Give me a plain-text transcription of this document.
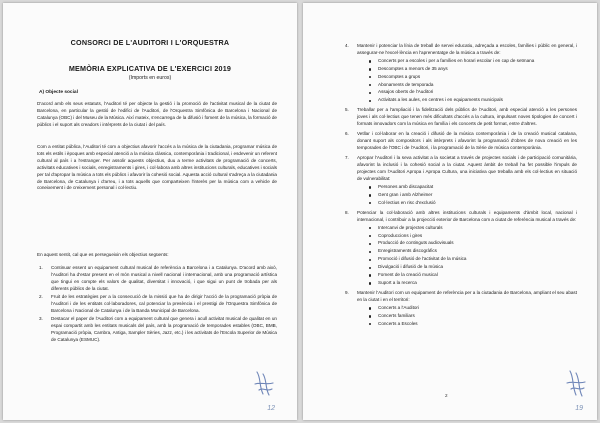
CONSORCI DE L'AUDITORI I L'ORQUESTRA

MEMÒRIA EXPLICATIVA DE L'EXERCICI 2019

(Imports en euros)
A) Objecte social

D'acord amb els seus estatuts, l'Auditori té per objecte la gestió i la promoció de l'activitat musical de la ciutat de Barcelona, en particular la gestió de l'edifici de l'Auditori, de l'Orquestra Simfònica de Barcelona i Nacional de Catalunya (OBC) i del Museu de la Música. Així mateix, s'encarrega de la difusió i foment de la música, la formació de públics i el suport als creadors i intèrprets de la ciutat i del país.

Com a entitat pública, l'Auditori té com a objectius afavorir l'accés a la música de la ciutadania, programar música de tots els estils i èpoques amb especial atenció a la música clàssica, contemporània i tradicional, i esdevenir un referent cultural al país i a l'estranger. Per assolir aquests objectius, duu a terme activitats de programació de concerts, activitats educatives i socials, enregistraments i gires, i col·labora amb altres institucions culturals, educatives i socials per tal d'apropar la música a tots els públics i afavorir la cohesió social. Aquesta acció cultural s'adreça a la ciutadania de Barcelona, de Catalunya i d'arreu, i a tots aquells que comparteixen l'interès per la música com a vehicle de coneixement i de creixement personal i col·lectiu.

En aquest sentit, cal que es persegueixin els objectius següents:

1. Continuar essent un equipament cultural musical de referència a Barcelona i a Catalunya. D'acord amb això, l'Auditori ha d'estar present en el món musical a nivell nacional i internacional, amb una programació artística que tingui en compte els valors de qualitat, diversitat i innovació, i que sigui un punt de trobada per als diferents públics de la ciutat.
2. Fruit de les estratègies per a la consecució de la missió que ha de dirigir l'acció de la programació pròpia de l'Auditori i de les entitats col·laboradores, cal potenciar la presència i el prestigi de l'Orquestra Simfònica de Barcelona i Nacional de Catalunya i de la Banda Municipal de Barcelona.
3. Destacar el paper de l'Auditori com a equipament cultural que genera i acull activitat musical de qualitat en un espai compartit amb les entitats musicals del país, amb la programació de temporades estables (OBC, BMB, Programació pròpia, Cambra, Antiga, Sampler Sèries, Jazz, etc.) i les activitats de l'Escola Superior de Música de Catalunya (ESMUC).
12
4. Mantenir i potenciar la línia de treball de servei educatiu, adreçada a escoles, famílies i públic en general, i assegurar-ne l'excel·lència en l'aprenentatge de la música a través de:
Concerts per a escoles i per a famílies en horari escolar i en cap de setmana
Descomptes a menors de 35 anys
Descomptes a grups
Abonaments de temporada
Assajos oberts de l'Auditori
Activitats a les aules, en centres i en equipaments municipals
5. Treballar per a l'ampliació i la fidelització dels públics de l'Auditori, amb especial atenció a les persones joves i als col·lectius que tenen més dificultats d'accés a la cultura, impulsant noves tipologies de concert i formats innovadors com la música en família i els concerts de petit format, entre d'altres.
6. Vetllar i col·laborar en la creació i difusió de la música contemporània i de la creació musical catalana, donant suport als compositors i als intèrprets i afavorint la programació d'obres de nova creació en les temporades de l'OBC i de l'Auditori, i la programació de la Sèrie de música contemporània.
7. Apropar l'Auditori i la seva activitat a la societat a través de projectes socials i de participació comunitària, afavorint la inclusió i la cohesió social a la ciutat. Aquest àmbit de treball ha fet possible l'impuls de projectes com l'Auditori Apropa i Apropa Cultura, una iniciativa que treballa amb els col·lectius en situació de vulnerabilitat:
Persones amb discapacitat
Gent gran i amb Alzheimer
Col·lectius en risc d'exclusió
8. Potenciar la col·laboració amb altres institucions culturals i equipaments d'àmbit local, nacional i internacional, i contribuir a la projecció exterior de Barcelona com a ciutat de referència musical a través de:
Intercanvi de projectes culturals
Coproduccions i gires
Producció de continguts audiovisuals
Enregistraments discogràfics
Promoció i difusió de l'activitat de la música
Divulgació i difusió de la música
Foment de la creació musical
Suport a la recerca
9. Mantenir l'Auditori com un equipament de referència per a la ciutadania de Barcelona, ampliant el seu abast en la ciutat i en el territori:
Concerts a l'Auditori
Concerts familiars
Concerts a Escoles
2
19
